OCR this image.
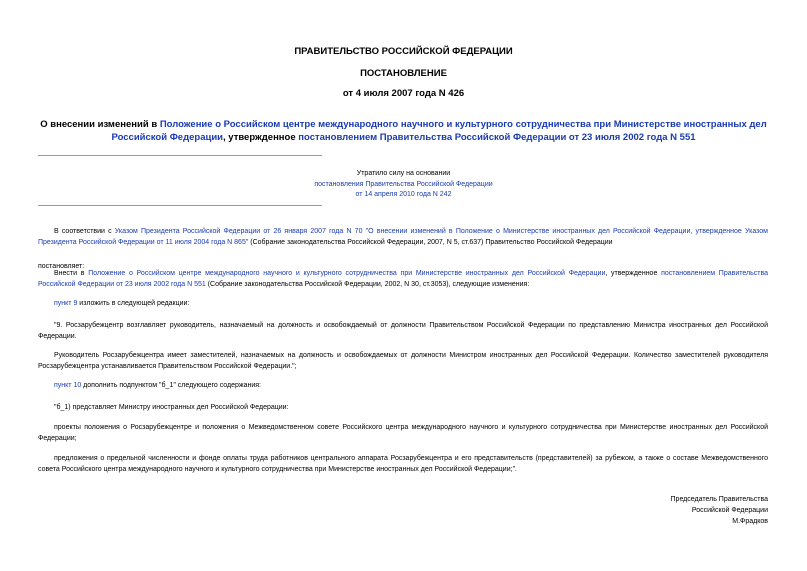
ПРАВИТЕЛЬСТВО РОССИЙСКОЙ ФЕДЕРАЦИИ
ПОСТАНОВЛЕНИЕ
от 4 июля 2007 года N 426
О внесении изменений в Положение о Российском центре международного научного и культурного сотрудничества при Министерстве иностранных дел Российской Федерации, утвержденное постановлением Правительства Российской Федерации от 23 июля 2002 года N 551
Утратило силу на основании
постановления Правительства Российской Федерации
от 14 апреля 2010 года N 242
В соответствии с Указом Президента Российской Федерации от 26 января 2007 года N 70 "О внесении изменений в Положение о Министерстве иностранных дел Российской Федерации, утвержденное Указом Президента Российской Федерации от 11 июля 2004 года N 865" (Собрание законодательства Российской Федерации, 2007, N 5, ст.637) Правительство Российской Федерации
постановляет:
Внести в Положение о Российском центре международного научного и культурного сотрудничества при Министерстве иностранных дел Российской Федерации, утвержденное постановлением Правительства Российской Федерации от 23 июля 2002 года N 551 (Собрание законодательства Российской Федерации, 2002, N 30, ст.3053), следующие изменения:
пункт 9 изложить в следующей редакции:
"9. Росзарубежцентр возглавляет руководитель, назначаемый на должность и освобождаемый от должности Правительством Российской Федерации по представлению Министра иностранных дел Российской Федерации.
Руководитель Росзарубежцентра имеет заместителей, назначаемых на должность и освобождаемых от должности Министром иностранных дел Российской Федерации. Количество заместителей руководителя Росзарубежцентра устанавливается Правительством Российской Федерации.";
пункт 10 дополнить подпунктом "б_1" следующего содержания:
"б_1) представляет Министру иностранных дел Российской Федерации:
проекты положения о Росзарубежцентре и положения о Межведомственном совете Российского центра международного научного и культурного сотрудничества при Министерстве иностранных дел Российской Федерации;
предложения о предельной численности и фонде оплаты труда работников центрального аппарата Росзарубежцентра и его представительств (представителей) за рубежом, а также о составе Межведомственного совета Российского центра международного научного и культурного сотрудничества при Министерстве иностранных дел Российской Федерации;".
Председатель Правительства
Российской Федерации
М.Фрадков
